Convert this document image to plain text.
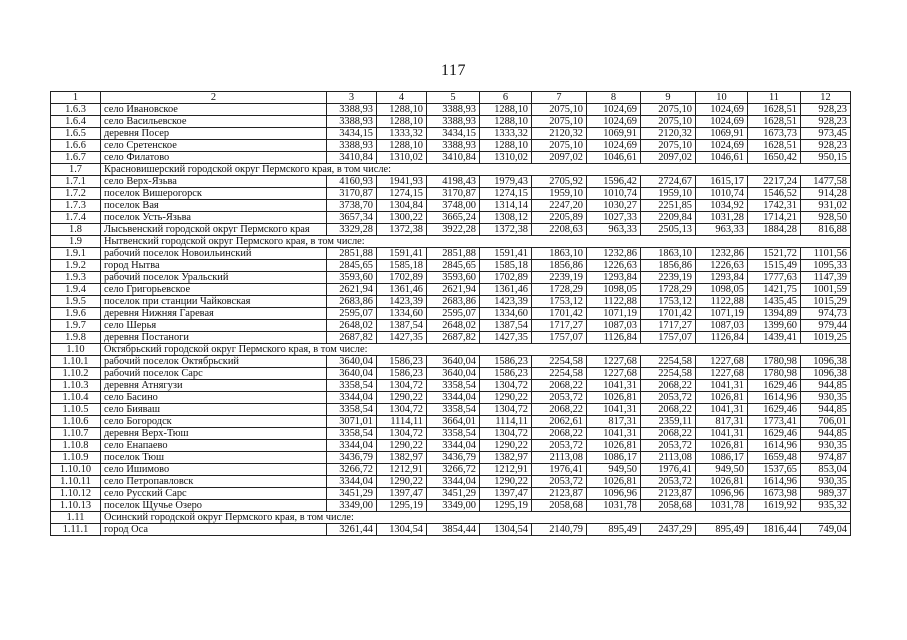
117
1	2	3	4	5	6	7	8	9	10	11	12
1.6.3	село Ивановское	3388,93	1288,10	3388,93	1288,10	2075,10	1024,69	2075,10	1024,69	1628,51	928,23
1.6.4	село Васильевское	3388,93	1288,10	3388,93	1288,10	2075,10	1024,69	2075,10	1024,69	1628,51	928,23
1.6.5	деревня Посер	3434,15	1333,32	3434,15	1333,32	2120,32	1069,91	2120,32	1069,91	1673,73	973,45
1.6.6	село Сретенское	3388,93	1288,10	3388,93	1288,10	2075,10	1024,69	2075,10	1024,69	1628,51	928,23
1.6.7	село Филатово	3410,84	1310,02	3410,84	1310,02	2097,02	1046,61	2097,02	1046,61	1650,42	950,15
1.7	Красновишерский городской округ Пермского края, в том числе:										
1.7.1	село Верх-Язьва	4160,93	1941,93	4198,43	1979,43	2705,92	1596,42	2724,67	1615,17	2217,24	1477,58
1.7.2	поселок Вишерогорск	3170,87	1274,15	3170,87	1274,15	1959,10	1010,74	1959,10	1010,74	1546,52	914,28
1.7.3	поселок Вая	3738,70	1304,84	3748,00	1314,14	2247,20	1030,27	2251,85	1034,92	1742,31	931,02
1.7.4	поселок Усть-Язьва	3657,34	1300,22	3665,24	1308,12	2205,89	1027,33	2209,84	1031,28	1714,21	928,50
1.8	Лысьвенский городской округ Пермского края	3329,28	1372,38	3922,28	1372,38	2208,63	963,33	2505,13	963,33	1884,28	816,88
1.9	Нытвенский городской округ Пермского края, в том числе:										
1.9.1	рабочий поселок Новоильинский	2851,88	1591,41	2851,88	1591,41	1863,10	1232,86	1863,10	1232,86	1521,72	1101,56
1.9.2	город Нытва	2845,65	1585,18	2845,65	1585,18	1856,86	1226,63	1856,86	1226,63	1515,49	1095,33
1.9.3	рабочий поселок Уральский	3593,60	1702,89	3593,60	1702,89	2239,19	1293,84	2239,19	1293,84	1777,63	1147,39
1.9.4	село Григорьевское	2621,94	1361,46	2621,94	1361,46	1728,29	1098,05	1728,29	1098,05	1421,75	1001,59
1.9.5	поселок при станции Чайковская	2683,86	1423,39	2683,86	1423,39	1753,12	1122,88	1753,12	1122,88	1435,45	1015,29
1.9.6	деревня Нижняя Гаревая	2595,07	1334,60	2595,07	1334,60	1701,42	1071,19	1701,42	1071,19	1394,89	974,73
1.9.7	село Шерья	2648,02	1387,54	2648,02	1387,54	1717,27	1087,03	1717,27	1087,03	1399,60	979,44
1.9.8	деревня Постаноги	2687,82	1427,35	2687,82	1427,35	1757,07	1126,84	1757,07	1126,84	1439,41	1019,25
1.10	Октябрьский городской округ Пермского края, в том числе:										
1.10.1	рабочий поселок Октябрьский	3640,04	1586,23	3640,04	1586,23	2254,58	1227,68	2254,58	1227,68	1780,98	1096,38
1.10.2	рабочий поселок Сарс	3640,04	1586,23	3640,04	1586,23	2254,58	1227,68	2254,58	1227,68	1780,98	1096,38
1.10.3	деревня Атнягузи	3358,54	1304,72	3358,54	1304,72	2068,22	1041,31	2068,22	1041,31	1629,46	944,85
1.10.4	село Басино	3344,04	1290,22	3344,04	1290,22	2053,72	1026,81	2053,72	1026,81	1614,96	930,35
1.10.5	село Бияваш	3358,54	1304,72	3358,54	1304,72	2068,22	1041,31	2068,22	1041,31	1629,46	944,85
1.10.6	село Богородск	3071,01	1114,11	3664,01	1114,11	2062,61	817,31	2359,11	817,31	1773,41	706,01
1.10.7	деревня Верх-Тюш	3358,54	1304,72	3358,54	1304,72	2068,22	1041,31	2068,22	1041,31	1629,46	944,85
1.10.8	село Енапаево	3344,04	1290,22	3344,04	1290,22	2053,72	1026,81	2053,72	1026,81	1614,96	930,35
1.10.9	поселок Тюш	3436,79	1382,97	3436,79	1382,97	2113,08	1086,17	2113,08	1086,17	1659,48	974,87
1.10.10	село Ишимово	3266,72	1212,91	3266,72	1212,91	1976,41	949,50	1976,41	949,50	1537,65	853,04
1.10.11	село Петропавловск	3344,04	1290,22	3344,04	1290,22	2053,72	1026,81	2053,72	1026,81	1614,96	930,35
1.10.12	село Русский Сарс	3451,29	1397,47	3451,29	1397,47	2123,87	1096,96	2123,87	1096,96	1673,98	989,37
1.10.13	поселок Щучье Озеро	3349,00	1295,19	3349,00	1295,19	2058,68	1031,78	2058,68	1031,78	1619,92	935,32
1.11	Осинский городской округ Пермского края, в том числе:										
1.11.1	город Оса	3261,44	1304,54	3854,44	1304,54	2140,79	895,49	2437,29	895,49	1816,44	749,04
